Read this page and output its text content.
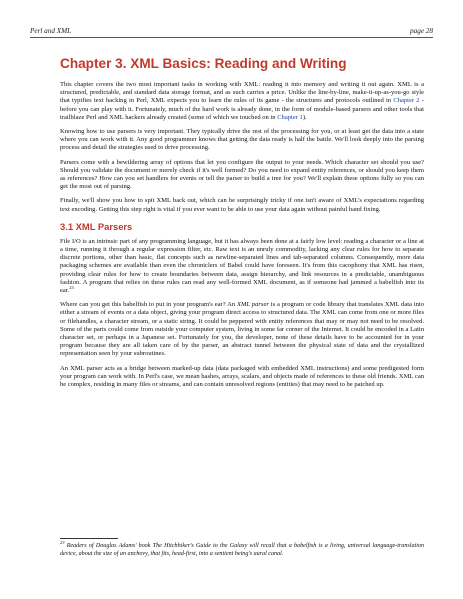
Perl and XML	page 28
Chapter 3. XML Basics: Reading and Writing

This chapter covers the two most important tasks in working with XML: reading it into memory and writing it out again. XML is a structured, predictable, and standard data storage format, and as such carries a price. Unlike the line-by-line, make-it-up-as-you-go style that typifies text hacking in Perl, XML expects you to learn the rules of its game - the structures and protocols outlined in Chapter 2 - before you can play with it. Fortunately, much of the hard work is already done, in the form of module-based parsers and other tools that trailblaze Perl and XML hackers already created (some of which we touched on in Chapter 1).

Knowing how to use parsers is very important. They typically drive the rest of the processing for you, or at least get the data into a state where you can work with it. Any good programmer knows that getting the data ready is half the battle. We'll look deeply into the parsing process and detail the strategies used to drive processing.

Parsers come with a bewildering array of options that let you configure the output to your needs. Which character set should you use? Should you validate the document or merely check if it's well formed? Do you need to expand entity references, or should you keep them as references? How can you set handlers for events or tell the parser to build a tree for you? We'll explain these options fully so you can get the most out of parsing.

Finally, we'll show you how to spit XML back out, which can be surprisingly tricky if one isn't aware of XML's expectations regarding text encoding. Getting this step right is vital if you ever want to be able to use your data again without painful hand fixing.

3.1 XML Parsers

File I/O is an intrinsic part of any programming language, but it has always been done at a fairly low level: reading a character or a line at a time, running it through a regular expression filter, etc. Raw text is an unruly commodity, lacking any clear rules for how to separate discrete portions, other than basic, flat concepts such as newline-separated lines and tab-separated columns. Consequently, more data packaging schemes are available than even the chroniclers of Babel could have foreseen. It's from this cacophony that XML has risen, providing clear rules for how to create boundaries between data, assign hierarchy, and link resources in a predictable, unambiguous fashion. A program that relies on these rules can read any well-formed XML document, as if someone had jammed a babelfish into its ear.$^{23}$

Where can you get this babelfish to put in your program's ear? An XML parser is a program or code library that translates XML data into either a stream of events or a data object, giving your program direct access to structured data. The XML can come from one or more files or filehandles, a character stream, or a static string. It could be peppered with entity references that may or may not need to be resolved. Some of the parts could come from outside your computer system, living in some far corner of the Internet. It could be encoded in a Latin character set, or perhaps in a Japanese set. Fortunately for you, the developer, none of these details have to be accounted for in your program because they are all taken care of by the parser, an abstract tunnel between the physical state of data and the crystallized representation seen by your subroutines.

An XML parser acts as a bridge between marked-up data (data packaged with embedded XML instructions) and some predigested form your program can work with. In Perl's case, we mean hashes, arrays, scalars, and objects made of references to these old friends. XML can be complex, residing in many files or streams, and can contain unresolved regions (entities) that may need to be patched up.

$^{23}$ Readers of Douglas Adams' book The Hitchhiker's Guide to the Galaxy will recall that a babelfish is a living, universal language-translation device, about the size of an anchovy, that fits, head-first, into a sentient being's aural canal.
